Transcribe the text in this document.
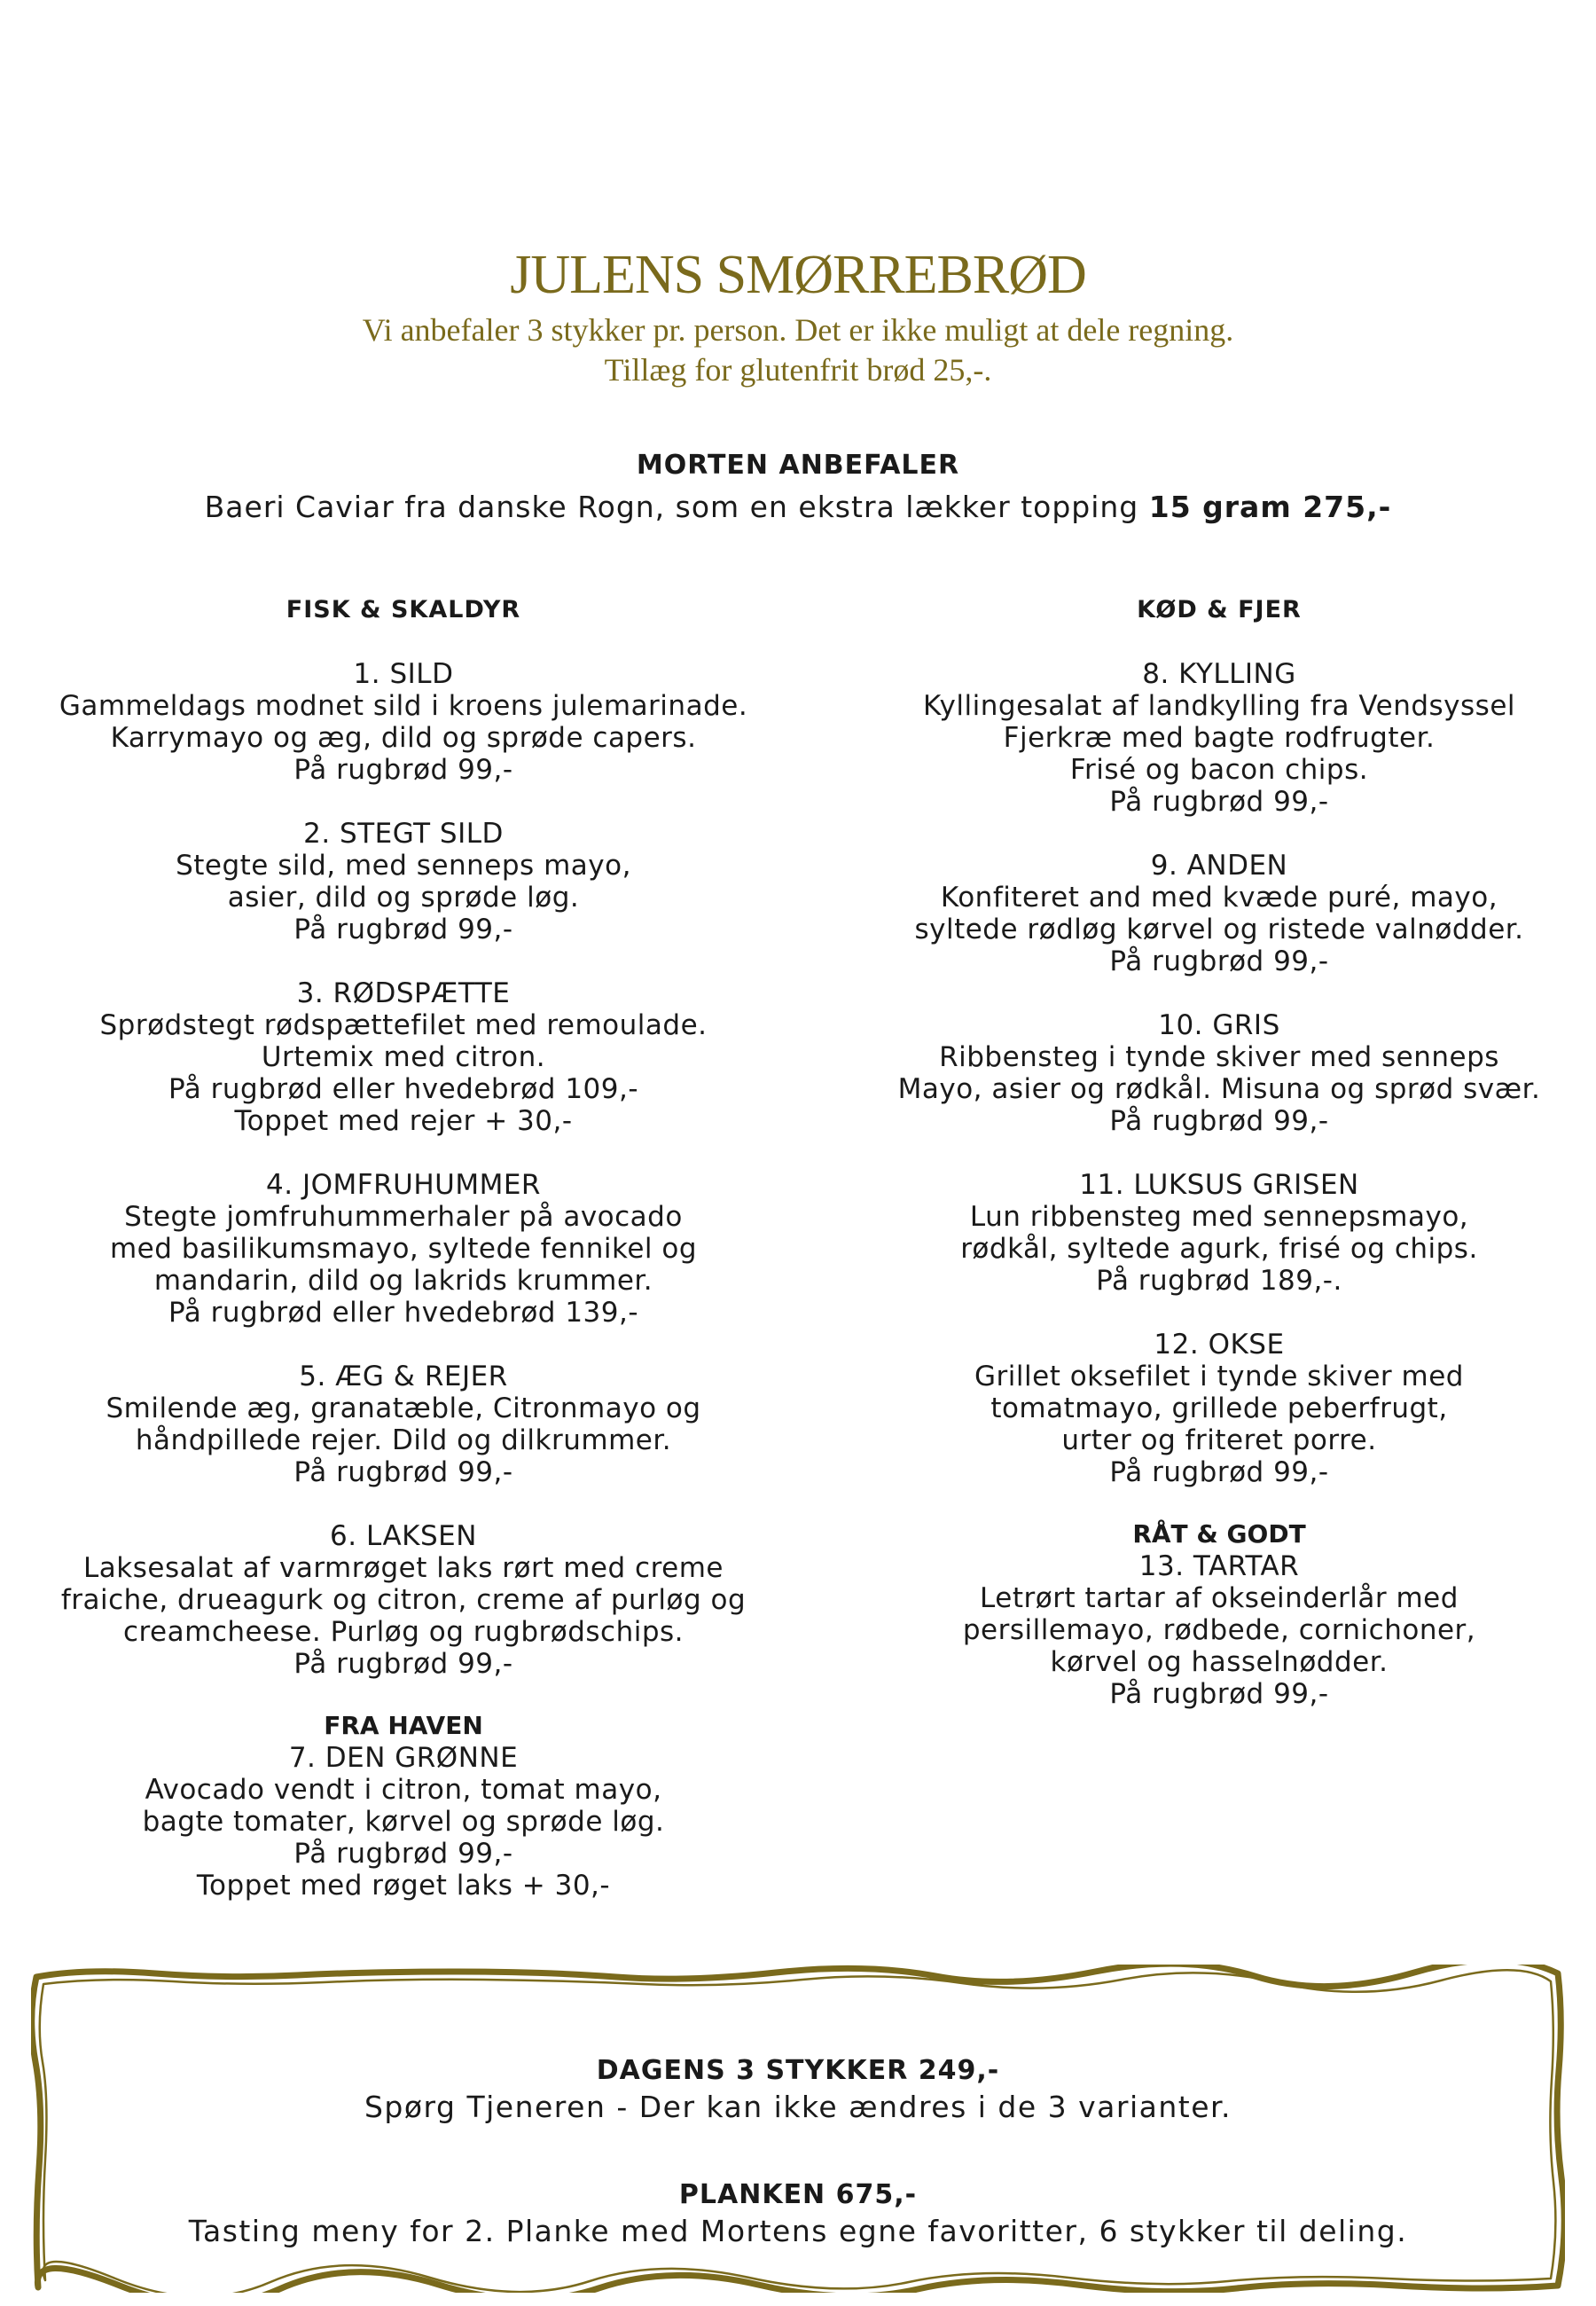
JULENS SMØRREBRØD
Vi anbefaler 3 stykker pr. person. Det er ikke muligt at dele regning.
Tillæg for glutenfrit brød 25,-.
MORTEN ANBEFALER
Baeri Caviar fra danske Rogn, som en ekstra lækker topping 15 gram 275,-
FISK & SKALDYR
1. SILD
Gammeldags modnet sild i kroens julemarinade.
Karrymayo og æg, dild og sprøde capers.
På rugbrød 99,-
2. STEGT SILD
Stegte sild, med senneps mayo,
asier, dild og sprøde løg.
På rugbrød 99,-
3. RØDSPÆTTE
Sprødstegt rødspættefilet med remoulade.
Urtemix med citron.
På rugbrød eller hvedebrød 109,-
Toppet med rejer + 30,-
4. JOMFRUHUMMER
Stegte jomfruhummerhaler på avocado
med basilikumsmayo, syltede fennikel og
mandarin, dild og lakrids krummer.
På rugbrød eller hvedebrød 139,-
5. ÆG & REJER
Smilende æg, granatæble, Citronmayo og
håndpillede rejer. Dild og dilkrummer.
På rugbrød 99,-
6. LAKSEN
Laksesalat af varmrøget laks rørt med creme
fraiche, drueagurk og citron, creme af purløg og
creamcheese. Purløg og rugbrødschips.
På rugbrød 99,-
FRA HAVEN
7. DEN GRØNNE
Avocado vendt i citron, tomat mayo,
bagte tomater, kørvel og sprøde løg.
På rugbrød 99,-
Toppet med røget laks + 30,-
KØD & FJER
8. KYLLING
Kyllingesalat af landkylling fra Vendsyssel
Fjerkræ med bagte rodfrugter.
Frisé og bacon chips.
På rugbrød 99,-
9. ANDEN
Konfiteret and med kvæde puré, mayo,
syltede rødløg kørvel og ristede valnødder.
På rugbrød 99,-
10. GRIS
Ribbensteg i tynde skiver med senneps
Mayo, asier og rødkål. Misuna og sprød svær.
På rugbrød 99,-
11. LUKSUS GRISEN
Lun ribbensteg med sennepsmayo,
rødkål, syltede agurk, frisé og chips.
På rugbrød 189,-.
12. OKSE
Grillet oksefilet i tynde skiver med
tomatmayo, grillede peberfrugt,
urter og friteret porre.
På rugbrød 99,-
RÅT & GODT
13. TARTAR
Letrørt tartar af okseinderlår med
persillemayo, rødbede, cornichoner,
kørvel og hasselnødder.
På rugbrød 99,-
DAGENS 3 STYKKER 249,-
Spørg Tjeneren - Der kan ikke ændres i de 3 varianter.
PLANKEN 675,-
Tasting meny for 2. Planke med Mortens egne favoritter, 6 stykker til deling.
